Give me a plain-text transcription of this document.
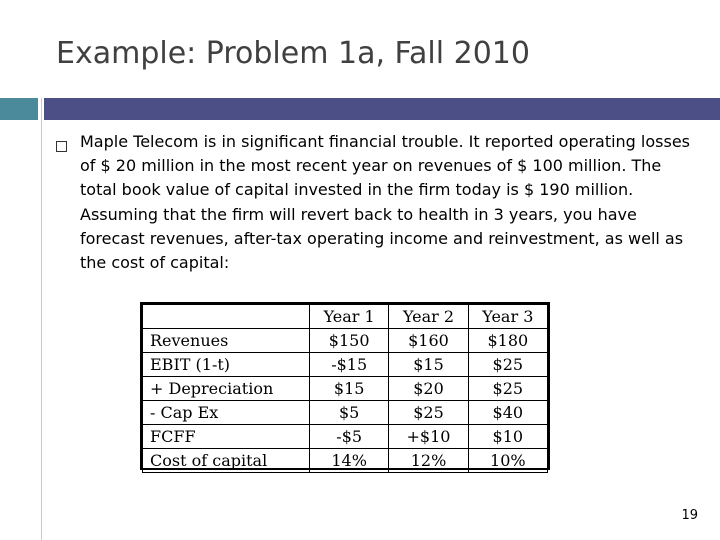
Example: Problem 1a, Fall 2010
Maple Telecom is in significant financial trouble. It reported operating losses of $ 20 million in the most recent year on revenues of $ 100 million. The total book value of capital invested in the firm today is $ 190 million. Assuming that the firm will revert back to health in 3 years, you have forecast revenues, after-tax operating income and reinvestment, as well as the cost of capital:
	Year 1	Year 2	Year 3
Revenues	$150	$160	$180
EBIT (1-t)	-$15	$15	$25
+ Depreciation	$15	$20	$25
- Cap Ex	$5	$25	$40
FCFF	-$5	+$10	$10
Cost of capital	14%	12%	10%
19
